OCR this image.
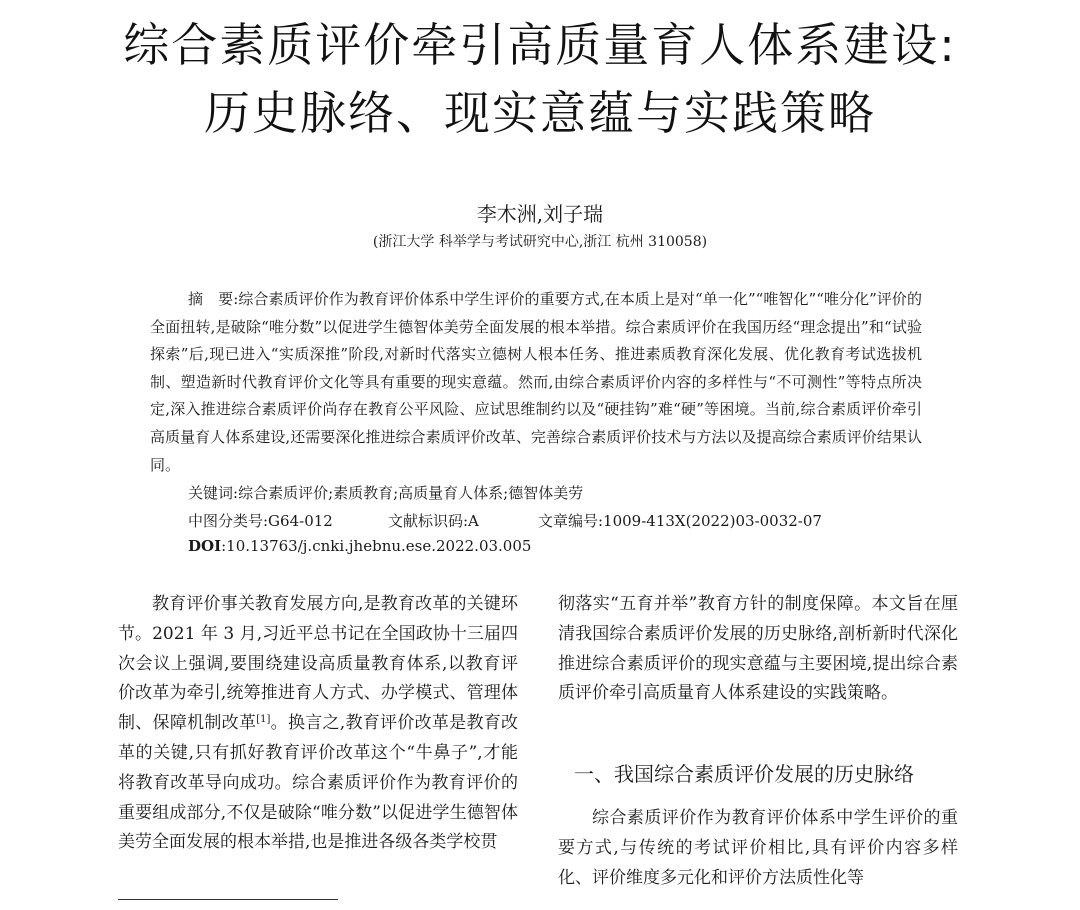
综合素质评价牵引高质量育人体系建设:
历史脉络、现实意蕴与实践策略
李木洲,刘子瑞
(浙江大学 科举学与考试研究中心,浙江 杭州 310058)

摘　要:综合素质评价作为教育评价体系中学生评价的重要方式,在本质上是对“单一化”“唯智化”“唯分化”评价的全面扭转,是破除“唯分数”以促进学生德智体美劳全面发展的根本举措。综合素质评价在我国历经“理念提出”和“试验探索”后,现已进入“实质深推”阶段,对新时代落实立德树人根本任务、推进素质教育深化发展、优化教育考试选拔机制、塑造新时代教育评价文化等具有重要的现实意蕴。然而,由综合素质评价内容的多样性与“不可测性”等特点所决定,深入推进综合素质评价尚存在教育公平风险、应试思维制约以及“硬挂钩”难“硬”等困境。当前,综合素质评价牵引高质量育人体系建设,还需要深化推进综合素质评价改革、完善综合素质评价技术与方法以及提高综合素质评价结果认同。

关键词:综合素质评价;素质教育;高质量育人体系;德智体美劳
中图分类号:G64-012	文献标识码:A	文章编号:1009-413X(2022)03-0032-07
DOI:10.13763/j.cnki.jhebnu.ese.2022.03.005

教育评价事关教育发展方向,是教育改革的关键环节。2021 年 3 月,习近平总书记在全国政协十三届四次会议上强调,要围绕建设高质量教育体系,以教育评价改革为牵引,统筹推进育人方式、办学模式、管理体制、保障机制改革[1]。换言之,教育评价改革是教育改革的关键,只有抓好教育评价改革这个“牛鼻子”,才能将教育改革导向成功。综合素质评价作为教育评价的重要组成部分,不仅是破除“唯分数”以促进学生德智体美劳全面发展的根本举措,也是推进各级各类学校贯

彻落实“五育并举”教育方针的制度保障。本文旨在厘清我国综合素质评价发展的历史脉络,剖析新时代深化推进综合素质评价的现实意蕴与主要困境,提出综合素质评价牵引高质量育人体系建设的实践策略。

一、我国综合素质评价发展的历史脉络

综合素质评价作为教育评价体系中学生评价的重要方式,与传统的考试评价相比,具有评价内容多样化、评价维度多元化和评价方法质性化等
